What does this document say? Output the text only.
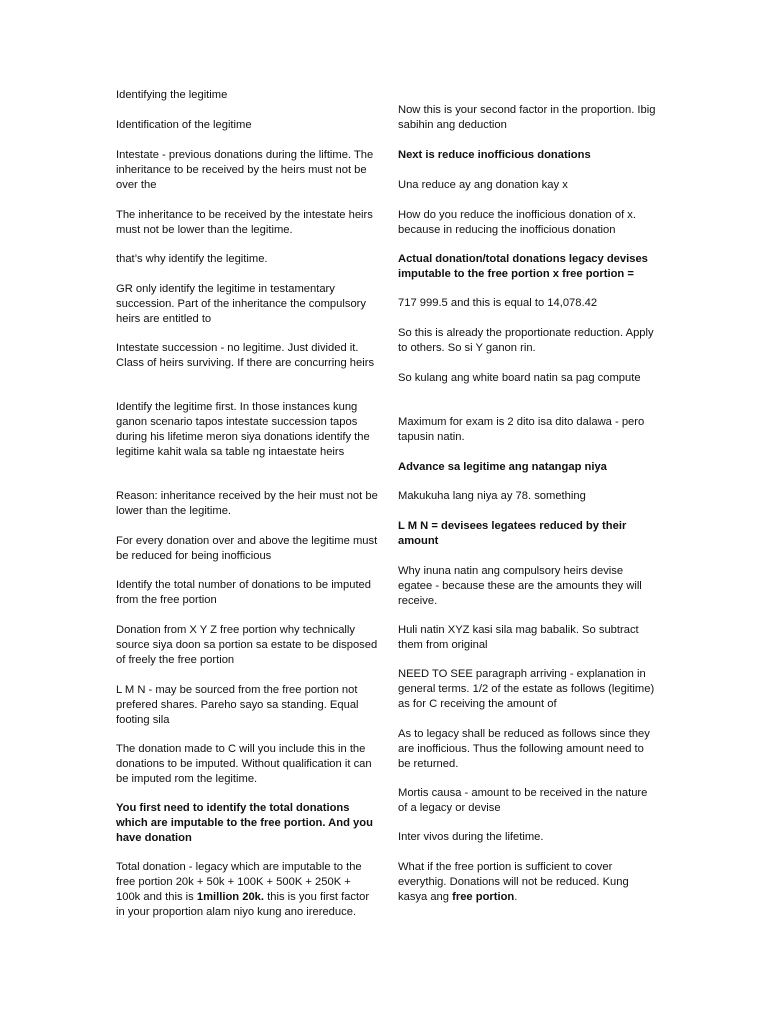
Identifying the legitime

Identification of the legitime

Intestate - previous donations during the liftime. The inheritance to be received by the heirs must not be over the

The inheritance to be received by the intestate heirs must not be lower than the legitime.

that’s why identify the legitime.

GR only identify the legitime in testamentary succession. Part of the inheritance the compulsory heirs are entitled to

Intestate succession - no legitime. Just divided it. Class of heirs surviving. If there are concurring heirs

Identify the legitime first. In those instances kung ganon scenario tapos intestate succession tapos during his lifetime meron siya donations identify the legitime kahit wala sa table ng intaestate heirs

Reason: inheritance received by the heir must not be lower than the legitime.

For every donation over and above the legitime must be reduced for being inofficious

Identify the total number of donations to be imputed from the free portion

Donation from X Y Z free portion why technically source siya doon sa portion sa estate to be disposed of freely the free portion

L M N - may be sourced from the free portion not prefered shares. Pareho sayo sa standing. Equal footing sila

The donation made to C will you include this in the donations to be imputed. Without qualification it can be imputed rom the legitime.

You first need to identify the total donations which are imputable to the free portion. And you have donation

Total donation - legacy which are imputable to the free portion 20k + 50k + 100K + 500K + 250K + 100k and this is 1million 20k. this is you first factor in your proportion alam niyo kung ano irereduce.

Now this is your second factor in the proportion. Ibig sabihin ang deduction

Next is reduce inofficious donations

Una reduce ay ang donation kay x

How do you reduce the inofficious donation of x. because in reducing the inofficious donation

Actual donation/total donations legacy devises imputable to the free portion x free portion =

717 999.5 and this is equal to 14,078.42

So this is already the proportionate reduction. Apply to others. So si Y ganon rin.

So kulang ang white board natin sa pag compute

Maximum for exam is 2 dito isa dito dalawa - pero tapusin natin.

Advance sa legitime ang natangap niya

Makukuha lang niya ay 78. something

L M N = devisees legatees reduced by their amount

Why inuna natin ang compulsory heirs devise egatee - because these are the amounts they will receive.

Huli natin XYZ kasi sila mag babalik. So subtract them from original

NEED TO SEE paragraph arriving - explanation in general terms. 1/2 of the estate as follows (legitime) as for C receiving the amount of

As to legacy shall be reduced as follows since they are inofficious. Thus the following amount need to be returned.

Mortis causa - amount to be received in the nature of a legacy or devise

Inter vivos during the lifetime.

What if the free portion is sufficient to cover everythig. Donations will not be reduced. Kung kasya ang free portion.
